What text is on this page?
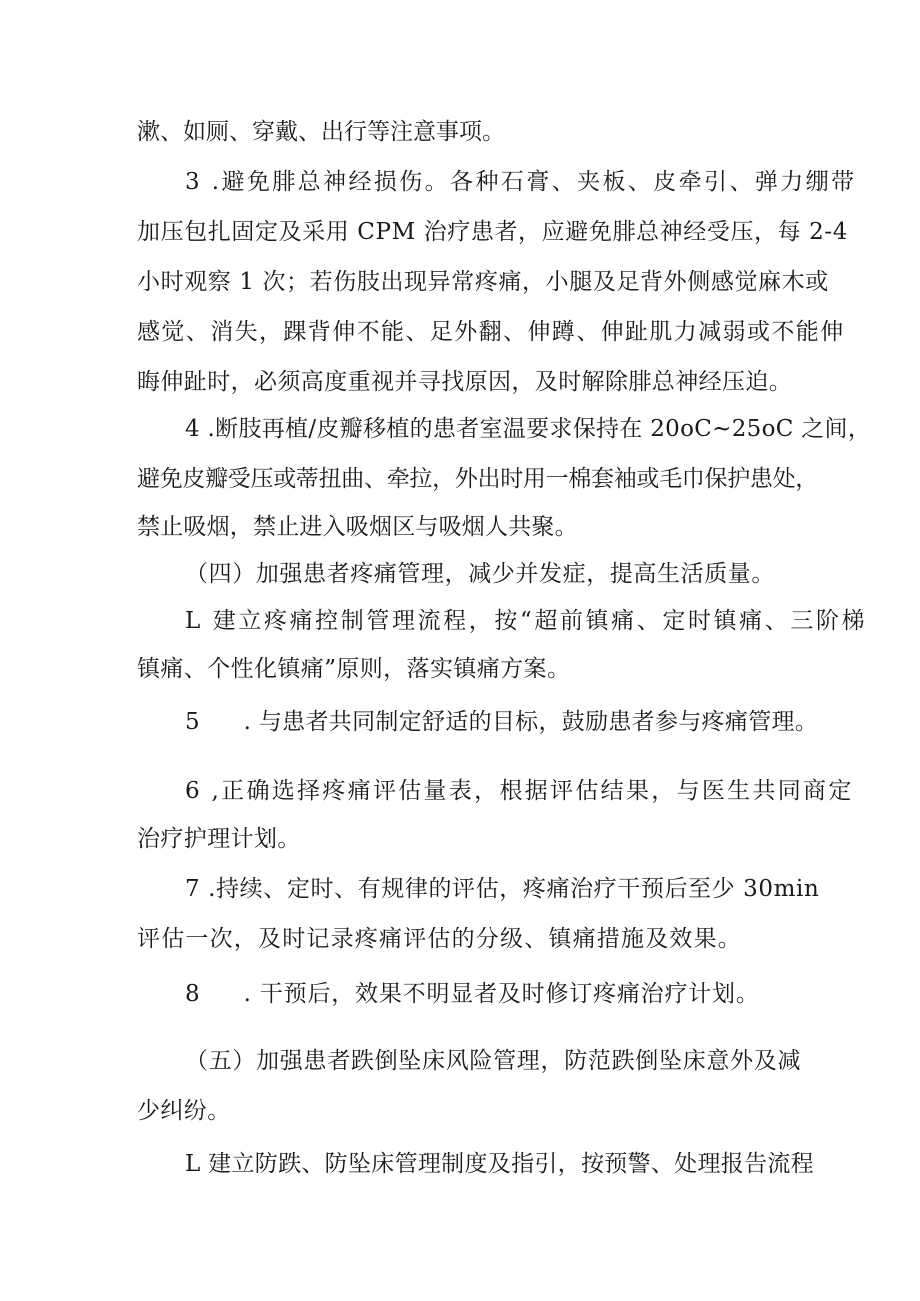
漱、如厕、穿戴、出行等注意事项。
3 .避免腓总神经损伤。各种石膏、夹板、皮牵引、弹力绷带
加压包扎固定及采用 CPM 治疗患者，应避免腓总神经受压，每 2-4
小时观察 1 次；若伤肢出现异常疼痛，小腿及足背外侧感觉麻木或
感觉、消失，踝背伸不能、足外翻、伸蹲、伸趾肌力减弱或不能伸
晦伸趾时，必须高度重视并寻找原因，及时解除腓总神经压迫。
4 .断肢再植/皮瓣移植的患者室温要求保持在 20oC~25oC 之间，
避免皮瓣受压或蒂扭曲、牵拉，外出时用一棉套袖或毛巾保护患处，
禁止吸烟，禁止进入吸烟区与吸烟人共聚。
（四）加强患者疼痛管理，减少并发症，提高生活质量。
L 建立疼痛控制管理流程，按“超前镇痛、定时镇痛、三阶梯
镇痛、个性化镇痛”原则，落实镇痛方案。
5 . 与患者共同制定舒适的目标，鼓励患者参与疼痛管理。
6 ,正确选择疼痛评估量表，根据评估结果，与医生共同商定
治疗护理计划。
7 .持续、定时、有规律的评估，疼痛治疗干预后至少 30min
评估一次，及时记录疼痛评估的分级、镇痛措施及效果。
8 . 干预后，效果不明显者及时修订疼痛治疗计划。
（五）加强患者跌倒坠床风险管理，防范跌倒坠床意外及减
少纠纷。
L 建立防跌、防坠床管理制度及指引，按预警、处理报告流程
